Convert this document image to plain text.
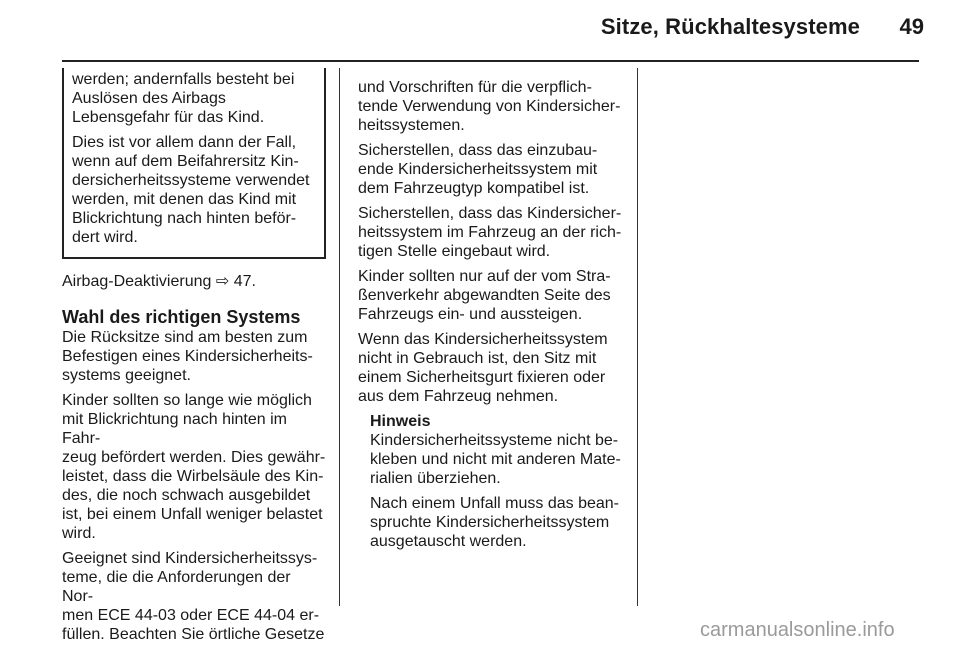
Sitze, Rückhaltesysteme	49

werden; andernfalls besteht bei
Auslösen des Airbags
Lebensgefahr für das Kind.

Dies ist vor allem dann der Fall,
wenn auf dem Beifahrersitz Kin-
dersicherheitssysteme verwendet
werden, mit denen das Kind mit
Blickrichtung nach hinten beför-
dert wird.

Airbag-Deaktivierung ⇨ 47.

Wahl des richtigen Systems

Die Rücksitze sind am besten zum
Befestigen eines Kindersicherheits-
systems geeignet.

Kinder sollten so lange wie möglich
mit Blickrichtung nach hinten im Fahr-
zeug befördert werden. Dies gewähr-
leistet, dass die Wirbelsäule des Kin-
des, die noch schwach ausgebildet
ist, bei einem Unfall weniger belastet
wird.

Geeignet sind Kindersicherheitssys-
teme, die die Anforderungen der Nor-
men ECE 44-03 oder ECE 44-04 er-
füllen. Beachten Sie örtliche Gesetze

und Vorschriften für die verpflich-
tende Verwendung von Kindersicher-
heitssystemen.

Sicherstellen, dass das einzubau-
ende Kindersicherheitssystem mit
dem Fahrzeugtyp kompatibel ist.

Sicherstellen, dass das Kindersicher-
heitssystem im Fahrzeug an der rich-
tigen Stelle eingebaut wird.

Kinder sollten nur auf der vom Stra-
ßenverkehr abgewandten Seite des
Fahrzeugs ein- und aussteigen.

Wenn das Kindersicherheitssystem
nicht in Gebrauch ist, den Sitz mit
einem Sicherheitsgurt fixieren oder
aus dem Fahrzeug nehmen.

Hinweis

Kindersicherheitssysteme nicht be-
kleben und nicht mit anderen Mate-
rialien überziehen.

Nach einem Unfall muss das bean-
spruchte Kindersicherheitssystem
ausgetauscht werden.

carmanualsonline.info
